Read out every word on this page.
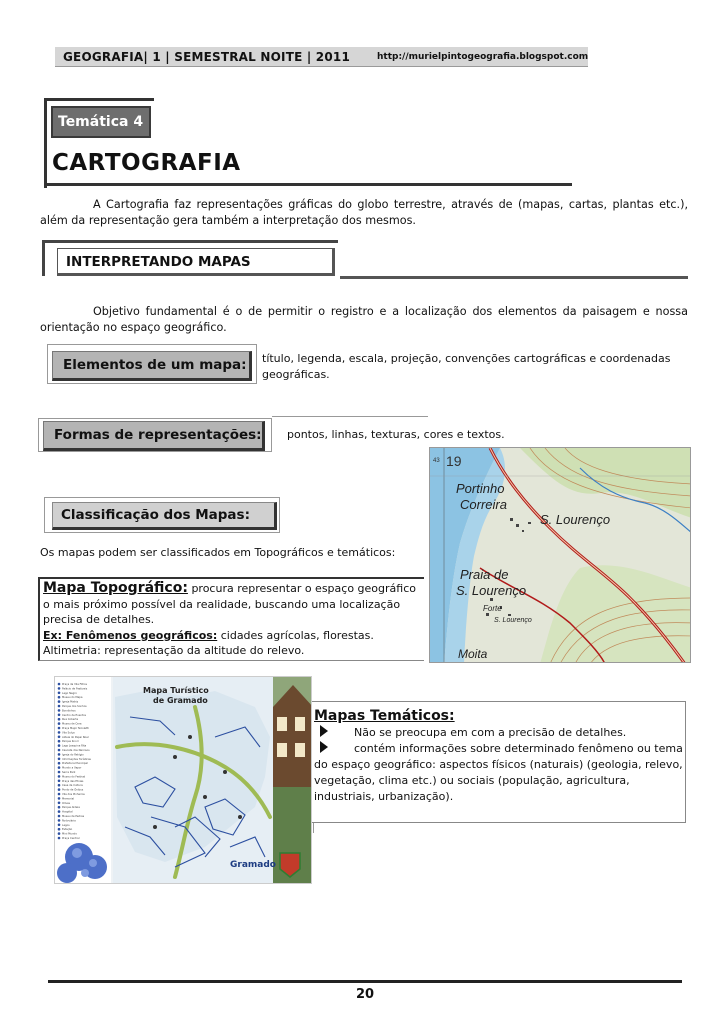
GEOGRAFIA| 1 | SEMESTRAL NOITE | 2011	http://murielpintogeografia.blogspot.com
Temática 4
CARTOGRAFIA

A Cartografia faz representações gráficas do globo terrestre, através de (mapas, cartas, plantas etc.), além da representação gera também a interpretação dos mesmos.

INTERPRETANDO MAPAS

Objetivo fundamental é o de permitir o registro e a localização dos elementos da paisagem e nossa orientação no espaço geográfico.

Elementos de um mapa:	título, legenda, escala, projeção, convenções cartográficas e coordenadas geográficas.
Formas de representações:	pontos, linhas, texturas, cores e textos.
Classificação dos Mapas:
Os mapas podem ser classificados em Topográficos e temáticos:
43 19
Portinho
Correira
S. Lourenço
Praia de
S. Lourenço
Forte
S. Lourenço
Moita
Mapa Topográfico: procura representar o espaço geográfico o mais próximo possível da realidade, buscando uma localização precisa de detalhes.
Ex: Fenômenos geográficos: cidades agrícolas, florestas.
Altimetria: representação da altitude do relevo.
Praça da Vila Filhos
Palácio de Festivais
Lago Negro
Museu do Mapa
Igreja Matriz
Parque dos Sonhos
Bondinhos
Centro de Eventos
Rua Coberta
Museu de Cera
Praça Major Nicoletti
Vila Suíça
Aldeia do Papai Noel
Parque Knorr
Lago Joaquina Rita
Cascata dos Narcisos
Igreja do Relógio
Informações Turísticas
Prefeitura Municipal
Mundo a Vapor
Serra Park
Museu do Festival
Praça das Etnias
Casa da Cultura
Ponto de Ônibus
Vila dos Pinheiros
Memorial
Olivas
Parque Aldeia
Hospital
Museu de Pedras
Rodoviária
Lagos
Estação
Mini Mundo
Praça Central
Mapa Turístico
de Gramado
Gramado
Mapas Temáticos:
Não se preocupa em com a precisão de detalhes.
contém informações sobre determinado fenômeno ou tema
do espaço geográfico: aspectos físicos (naturais) (geologia, relevo, vegetação, clima etc.) ou sociais (população, agricultura, industriais, urbanização).
20
